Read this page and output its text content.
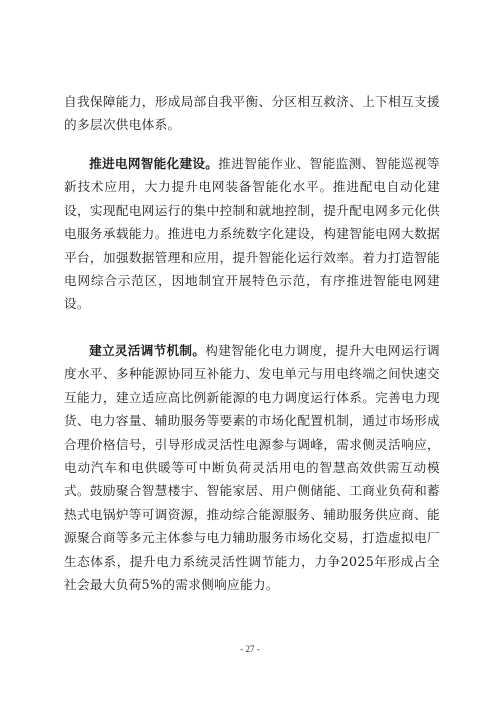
自我保障能力，形成局部自我平衡、分区相互救济、上下相互支援的多层次供电体系。
推进电网智能化建设。推进智能作业、智能监测、智能巡视等新技术应用，大力提升电网装备智能化水平。推进配电自动化建设，实现配电网运行的集中控制和就地控制，提升配电网多元化供电服务承载能力。推进电力系统数字化建设，构建智能电网大数据平台，加强数据管理和应用，提升智能化运行效率。着力打造智能电网综合示范区，因地制宜开展特色示范，有序推进智能电网建设。
建立灵活调节机制。构建智能化电力调度，提升大电网运行调度水平、多种能源协同互补能力、发电单元与用电终端之间快速交互能力，建立适应高比例新能源的电力调度运行体系。完善电力现货、电力容量、辅助服务等要素的市场化配置机制，通过市场形成合理价格信号，引导形成灵活性电源参与调峰，需求侧灵活响应，电动汽车和电供暖等可中断负荷灵活用电的智慧高效供需互动模式。鼓励聚合智慧楼宇、智能家居、用户侧储能、工商业负荷和蓄热式电锅炉等可调资源，推动综合能源服务、辅助服务供应商、能源聚合商等多元主体参与电力辅助服务市场化交易，打造虚拟电厂生态体系，提升电力系统灵活性调节能力，力争2025年形成占全社会最大负荷5%的需求侧响应能力。
- 27 -
